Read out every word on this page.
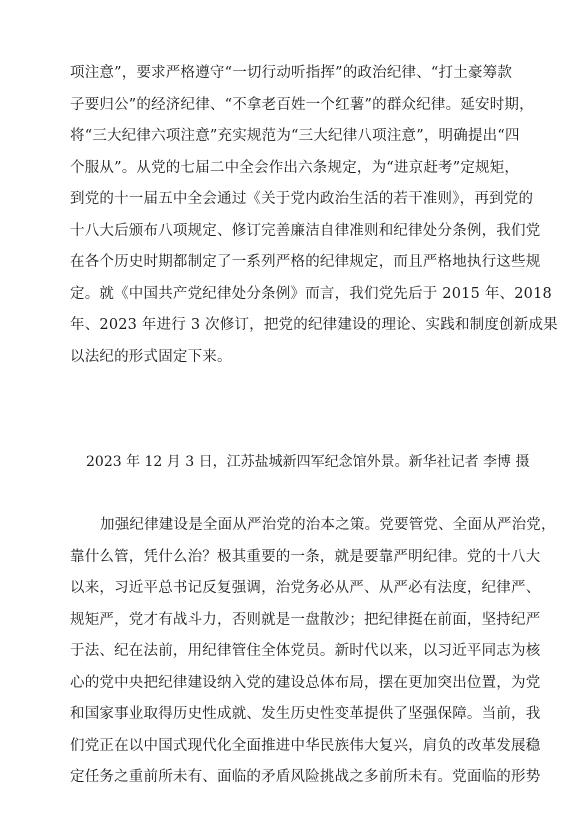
项注意”，要求严格遵守“一切行动听指挥”的政治纪律、“打土豪筹款
子要归公”的经济纪律、“不拿老百姓一个红薯”的群众纪律。延安时期，
将“三大纪律六项注意”充实规范为“三大纪律八项注意”，明确提出“四
个服从”。从党的七届二中全会作出六条规定，为“进京赶考”定规矩，
到党的十一届五中全会通过《关于党内政治生活的若干准则》，再到党的
十八大后颁布八项规定、修订完善廉洁自律准则和纪律处分条例，我们党
在各个历史时期都制定了一系列严格的纪律规定，而且严格地执行这些规
定。就《中国共产党纪律处分条例》而言，我们党先后于 2015 年、2018
年、2023 年进行 3 次修订，把党的纪律建设的理论、实践和制度创新成果
以法纪的形式固定下来。
2023 年 12 月 3 日，江苏盐城新四军纪念馆外景。新华社记者 李博 摄
加强纪律建设是全面从严治党的治本之策。党要管党、全面从严治党，
靠什么管，凭什么治？极其重要的一条，就是要靠严明纪律。党的十八大
以来，习近平总书记反复强调，治党务必从严、从严必有法度，纪律严、
规矩严，党才有战斗力，否则就是一盘散沙；把纪律挺在前面，坚持纪严
于法、纪在法前，用纪律管住全体党员。新时代以来，以习近平同志为核
心的党中央把纪律建设纳入党的建设总体布局，摆在更加突出位置，为党
和国家事业取得历史性成就、发生历史性变革提供了坚强保障。当前，我
们党正在以中国式现代化全面推进中华民族伟大复兴，肩负的改革发展稳
定任务之重前所未有、面临的矛盾风险挑战之多前所未有。党面临的形势
